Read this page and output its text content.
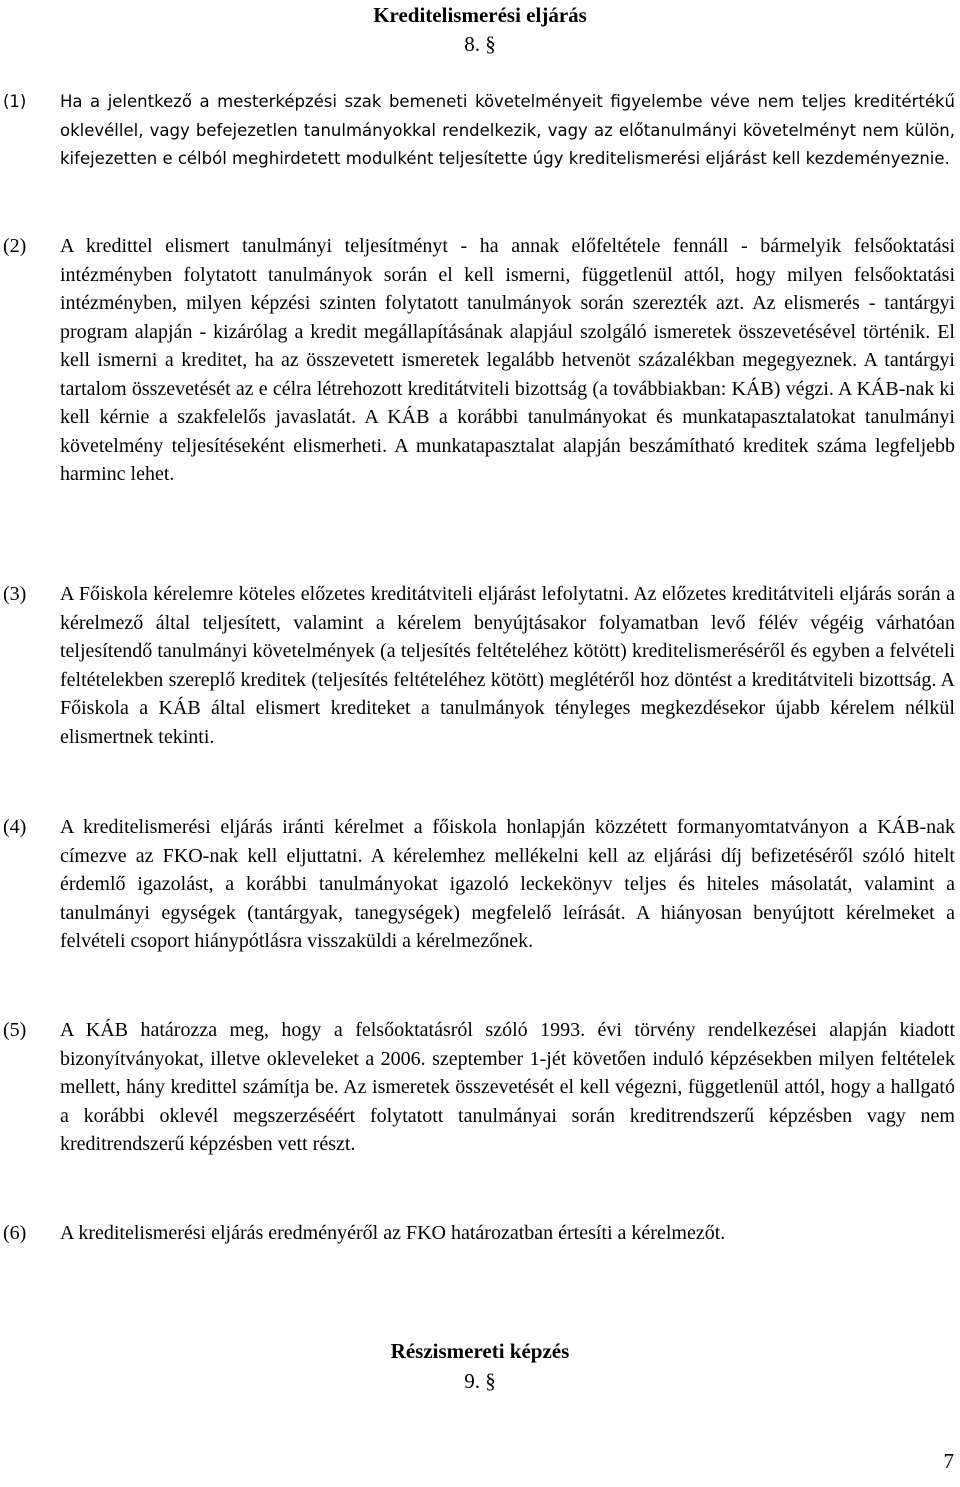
Kreditelismerési eljárás
8. §
(1) Ha a jelentkező a mesterképzési szak bemeneti követelményeit figyelembe véve nem teljes kreditértékű oklevéllel, vagy befejezetlen tanulmányokkal rendelkezik, vagy az előtanulmányi követelményt nem külön, kifejezetten e célból meghirdetett modulként teljesítette úgy kreditelismerési eljárást kell kezdeményeznie.
(2) A kredittel elismert tanulmányi teljesítményt - ha annak előfeltétele fennáll - bármelyik felsőoktatási intézményben folytatott tanulmányok során el kell ismerni, függetlenül attól, hogy milyen felsőoktatási intézményben, milyen képzési szinten folytatott tanulmányok során szerezték azt. Az elismerés - tantárgyi program alapján - kizárólag a kredit megállapításának alapjául szolgáló ismeretek összevetésével történik. El kell ismerni a kreditet, ha az összevetett ismeretek legalább hetvenöt százalékban megegyeznek. A tantárgyi tartalom összevetését az e célra létrehozott kreditátviteli bizottság (a továbbiakban: KÁB) végzi. A KÁB-nak ki kell kérnie a szakfelelős javaslatát. A KÁB a korábbi tanulmányokat és munkatapasztalatokat tanulmányi követelmény teljesítéseként elismerheti. A munkatapasztalat alapján beszámítható kreditek száma legfeljebb harminc lehet.
(3) A Főiskola kérelemre köteles előzetes kreditátviteli eljárást lefolytatni. Az előzetes kreditátviteli eljárás során a kérelmező által teljesített, valamint a kérelem benyújtásakor folyamatban levő félév végéig várhatóan teljesítendő tanulmányi követelmények (a teljesítés feltételéhez kötött) kreditelismeréséről és egyben a felvételi feltételekben szereplő kreditek (teljesítés feltételéhez kötött) meglétéről hoz döntést a kreditátviteli bizottság. A Főiskola a KÁB által elismert krediteket a tanulmányok tényleges megkezdésekor újabb kérelem nélkül elismertnek tekinti.
(4) A kreditelismerési eljárás iránti kérelmet a főiskola honlapján közzétett formanyomtatványon a KÁB-nak címezve az FKO-nak kell eljuttatni. A kérelemhez mellékelni kell az eljárási díj befizetéséről szóló hitelt érdemlő igazolást, a korábbi tanulmányokat igazoló leckekönyv teljes és hiteles másolatát, valamint a tanulmányi egységek (tantárgyak, tanegységek) megfelelő leírását. A hiányosan benyújtott kérelmeket a felvételi csoport hiánypótlásra visszaküldi a kérelmezőnek.
(5) A KÁB határozza meg, hogy a felsőoktatásról szóló 1993. évi törvény rendelkezései alapján kiadott bizonyítványokat, illetve okleveleket a 2006. szeptember 1-jét követően induló képzésekben milyen feltételek mellett, hány kredittel számítja be. Az ismeretek összevetését el kell végezni, függetlenül attól, hogy a hallgató a korábbi oklevél megszerzéséért folytatott tanulmányai során kreditrendszerű képzésben vagy nem kreditrendszerű képzésben vett részt.
(6) A kreditelismerési eljárás eredményéről az FKO határozatban értesíti a kérelmezőt.
Részismereti képzés
9. §
7
